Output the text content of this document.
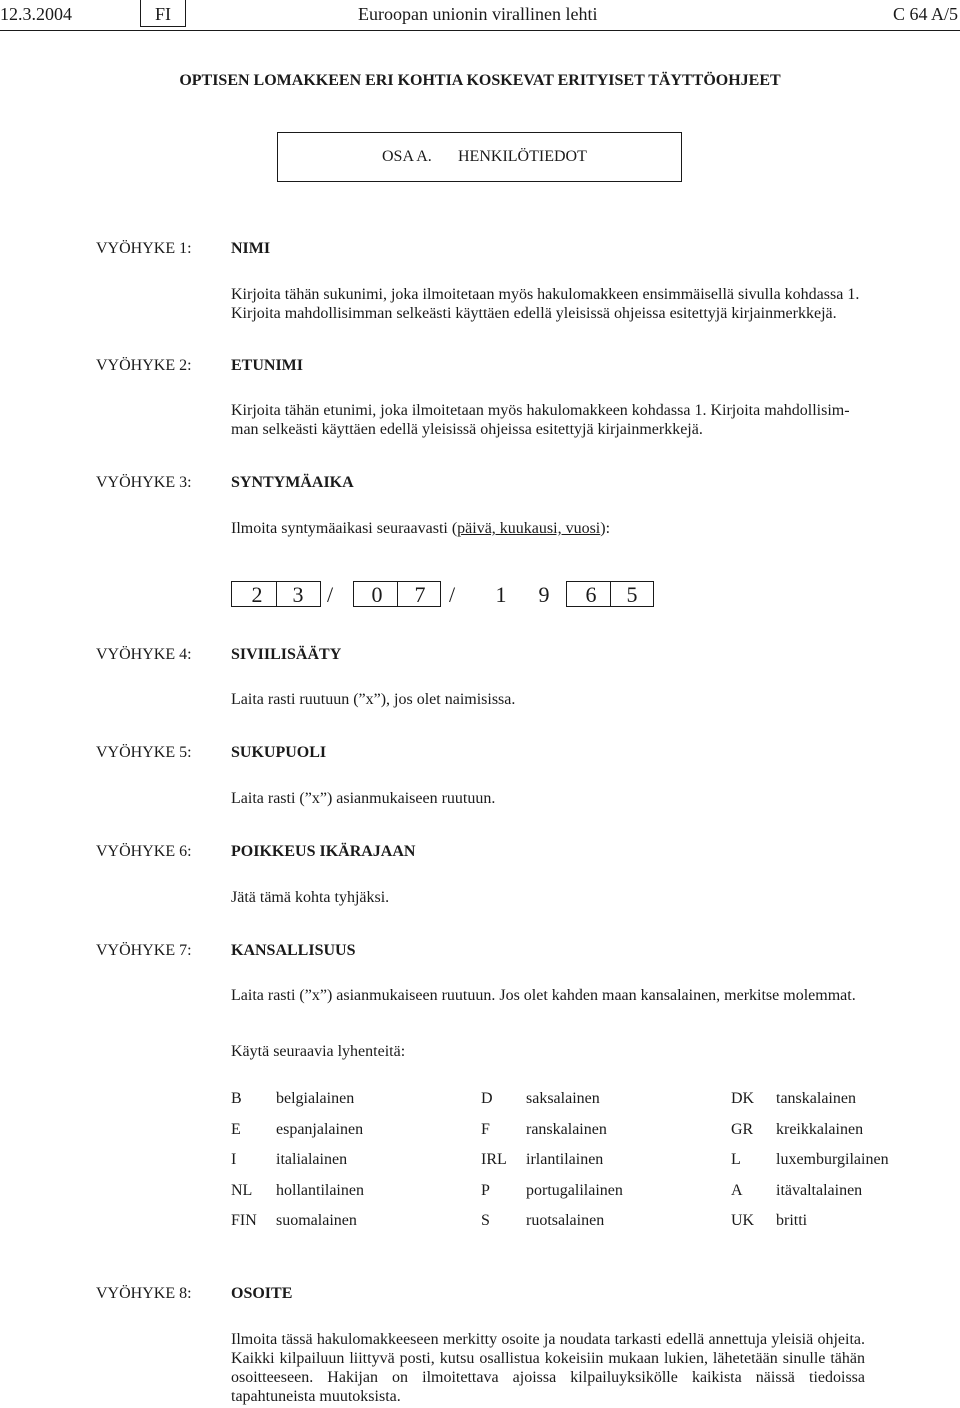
12.3.2004	FI	Euroopan unionin virallinen lehti	C 64 A/5
OPTISEN LOMAKKEEN ERI KOHTIA KOSKEVAT ERITYISET TÄYTTÖOHJEET
OSA A. HENKILÖTIEDOT
VYÖHYKE 1: NIMI
Kirjoita tähän sukunimi, joka ilmoitetaan myös hakulomakkeen ensimmäisellä sivulla kohdassa 1.
Kirjoita mahdollisimman selkeästi käyttäen edellä yleisissä ohjeissa esitettyjä kirjainmerkkejä.
VYÖHYKE 2: ETUNIMI
Kirjoita tähän etunimi, joka ilmoitetaan myös hakulomakkeen kohdassa 1. Kirjoita mahdollisim-
man selkeästi käyttäen edellä yleisissä ohjeissa esitettyjä kirjainmerkkejä.
VYÖHYKE 3: SYNTYMÄAIKA
Ilmoita syntymäaikasi seuraavasti (päivä, kuukausi, vuosi):
2	3	/	0	7	/	1	9	6	5
VYÖHYKE 4: SIVIILISÄÄTY
Laita rasti ruutuun (”x”), jos olet naimisissa.
VYÖHYKE 5: SUKUPUOLI
Laita rasti (”x”) asianmukaiseen ruutuun.
VYÖHYKE 6: POIKKEUS IKÄRAJAAN
Jätä tämä kohta tyhjäksi.
VYÖHYKE 7: KANSALLISUUS
Laita rasti (”x”) asianmukaiseen ruutuun. Jos olet kahden maan kansalainen, merkitse molemmat.
Käytä seuraavia lyhenteitä:
B belgialainen	D saksalainen	DK tanskalainen
E espanjalainen	F ranskalainen	GR kreikkalainen
I italialainen	IRL irlantilainen	L luxemburgilainen
NL hollantilainen	P portugalilainen	A itävaltalainen
FIN suomalainen	S ruotsalainen	UK britti
VYÖHYKE 8: OSOITE
Ilmoita tässä hakulomakkeeseen merkitty osoite ja noudata tarkasti edellä annettuja yleisiä ohjeita. Kaikki kilpailuun liittyvä posti, kutsu osallistua kokeisiin mukaan lukien, lähetetään sinulle tähän osoitteeseen. Hakijan on ilmoitettava ajoissa kilpailuyksikölle kaikista näissä tiedoissa tapahtuneista muutoksista.
